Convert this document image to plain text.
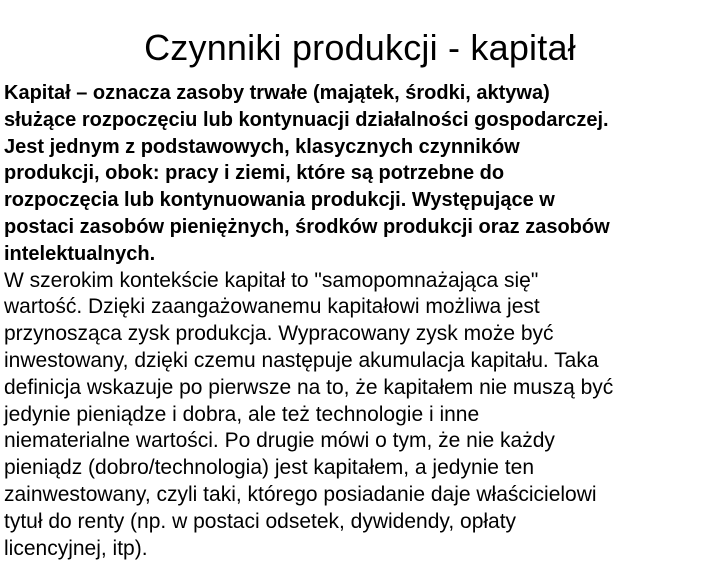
Czynniki produkcji - kapitał

Kapitał – oznacza zasoby trwałe (majątek, środki, aktywa)
służące rozpoczęciu lub kontynuacji działalności gospodarczej.
Jest jednym z podstawowych, klasycznych czynników
produkcji, obok: pracy i ziemi, które są potrzebne do
rozpoczęcia lub kontynuowania produkcji. Występujące w
postaci zasobów pieniężnych, środków produkcji oraz zasobów
intelektualnych.

W szerokim kontekście kapitał to "samopomnażająca się"
wartość. Dzięki zaangażowanemu kapitałowi możliwa jest
przynosząca zysk produkcja. Wypracowany zysk może być
inwestowany, dzięki czemu następuje akumulacja kapitału. Taka
definicja wskazuje po pierwsze na to, że kapitałem nie muszą być
jedynie pieniądze i dobra, ale też technologie i inne
niematerialne wartości. Po drugie mówi o tym, że nie każdy
pieniądz (dobro/technologia) jest kapitałem, a jedynie ten
zainwestowany, czyli taki, którego posiadanie daje właścicielowi
tytuł do renty (np. w postaci odsetek, dywidendy, opłaty
licencyjnej, itp).
